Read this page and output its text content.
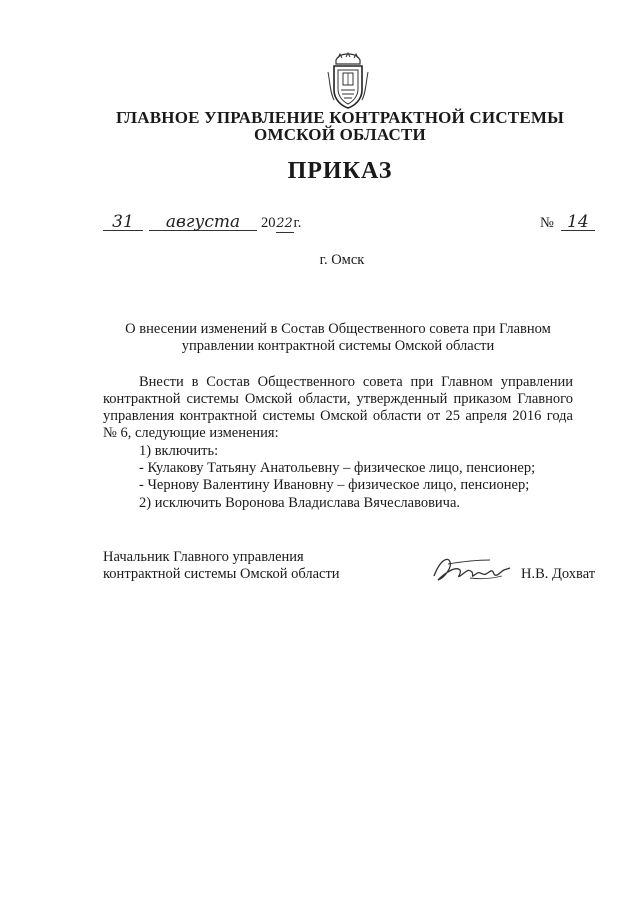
ГЛАВНОЕ УПРАВЛЕНИЕ КОНТРАКТНОЙ СИСТЕМЫ
ОМСКОЙ ОБЛАСТИ
ПРИКАЗ
31 августа 2022г.	№ 14
г. Омск
О внесении изменений в Состав Общественного совета при Главном
управлении контрактной системы Омской области
Внести в Состав Общественного совета при Главном управлении
контрактной системы Омской области, утвержденный приказом Главного
управления контрактной системы Омской области от 25 апреля 2016 года
№ 6, следующие изменения:
1) включить:
- Кулакову Татьяну Анатольевну – физическое лицо, пенсионер;
- Чернову Валентину Ивановну – физическое лицо, пенсионер;
2) исключить Воронова Владислава Вячеславовича.
Начальник Главного управления
контрактной системы Омской области	Н.В. Дохват
